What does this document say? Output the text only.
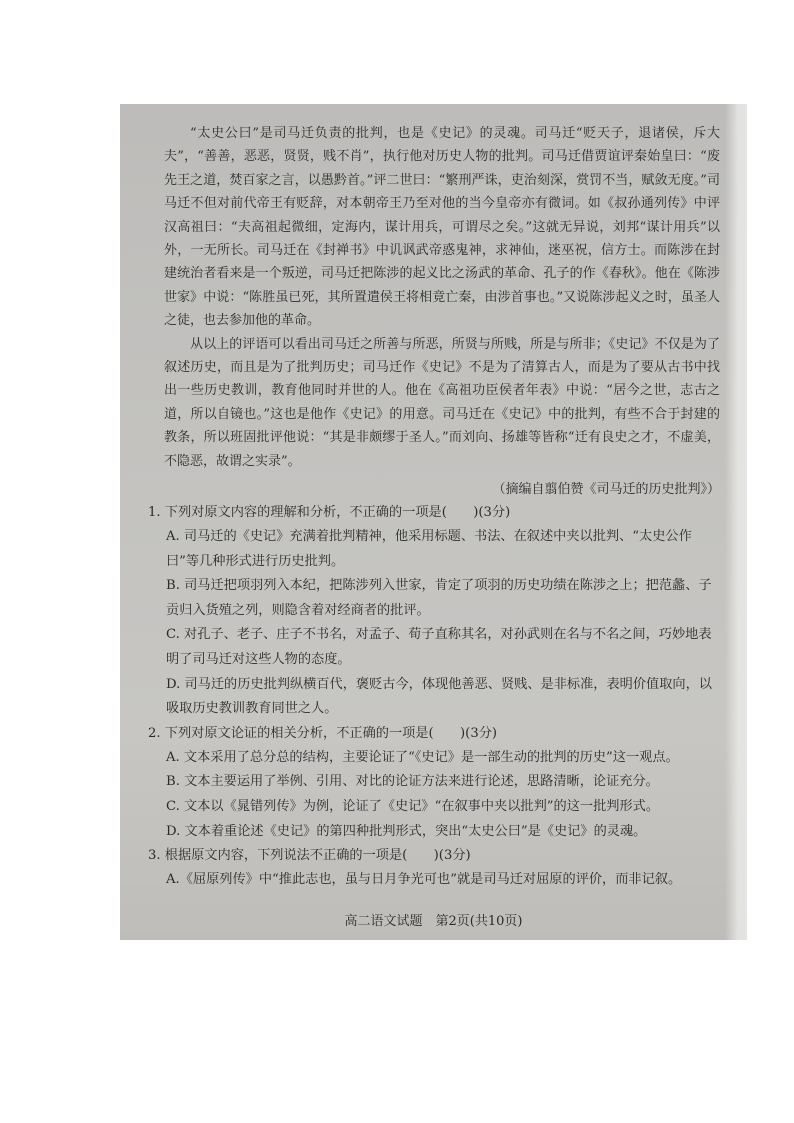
“太史公曰”是司马迁负责的批判，也是《史记》的灵魂。司马迁“贬天子，退诸侯，斥大夫”，“善善，恶恶，贤贤，贱不肖”，执行他对历史人物的批判。司马迁借贾谊评秦始皇曰：“废先王之道，焚百家之言，以愚黔首。”评二世曰：“繁刑严诛，吏治刻深，赏罚不当，赋敛无度。”司马迁不但对前代帝王有贬辞，对本朝帝王乃至对他的当今皇帝亦有微词。如《叔孙通列传》中评汉高祖曰：“夫高祖起微细，定海内，谋计用兵，可谓尽之矣。”这就无异说，刘邦“谋计用兵”以外，一无所长。司马迁在《封禅书》中讥讽武帝惑鬼神，求神仙，迷巫祝，信方士。而陈涉在封建统治者看来是一个叛逆，司马迁把陈涉的起义比之汤武的革命、孔子的作《春秋》。他在《陈涉世家》中说：“陈胜虽已死，其所置遣侯王将相竟亡秦，由涉首事也。”又说陈涉起义之时，虽圣人之徒，也去参加他的革命。

从以上的评语可以看出司马迁之所善与所恶，所贤与所贱，所是与所非；《史记》不仅是为了叙述历史，而且是为了批判历史；司马迁作《史记》不是为了清算古人，而是为了要从古书中找出一些历史教训，教育他同时并世的人。他在《高祖功臣侯者年表》中说：“居今之世，志古之道，所以自镜也。”这也是他作《史记》的用意。司马迁在《史记》中的批判，有些不合于封建的教条，所以班固批评他说：“其是非颇缪于圣人。”而刘向、扬雄等皆称“迁有良史之才，不虚美，不隐恶，故谓之实录”。

（摘编自翦伯赞《司马迁的历史批判》）
1. 下列对原文内容的理解和分析，不正确的一项是(　　)(3分)
A. 司马迁的《史记》充满着批判精神，他采用标题、书法、在叙述中夹以批判、“太史公作曰”等几种形式进行历史批判。
B. 司马迁把项羽列入本纪，把陈涉列入世家，肯定了项羽的历史功绩在陈涉之上；把范蠡、子贡归入货殖之列，则隐含着对经商者的批评。
C. 对孔子、老子、庄子不书名，对孟子、荀子直称其名，对孙武则在名与不名之间，巧妙地表明了司马迁对这些人物的态度。
D. 司马迁的历史批判纵横百代，褒贬古今，体现他善恶、贤贱、是非标准，表明价值取向，以吸取历史教训教育同世之人。
2. 下列对原文论证的相关分析，不正确的一项是(　　)(3分)
A. 文本采用了总分总的结构，主要论证了“《史记》是一部生动的批判的历史”这一观点。
B. 文本主要运用了举例、引用、对比的论证方法来进行论述，思路清晰，论证充分。
C. 文本以《晁错列传》为例，论证了《史记》“在叙事中夹以批判”的这一批判形式。
D. 文本着重论述《史记》的第四种批判形式，突出“太史公曰”是《史记》的灵魂。
3. 根据原文内容，下列说法不正确的一项是(　　)(3分)
A.《屈原列传》中“推此志也，虽与日月争光可也”就是司马迁对屈原的评价，而非记叙。
高二语文试题　第2页(共10页)
